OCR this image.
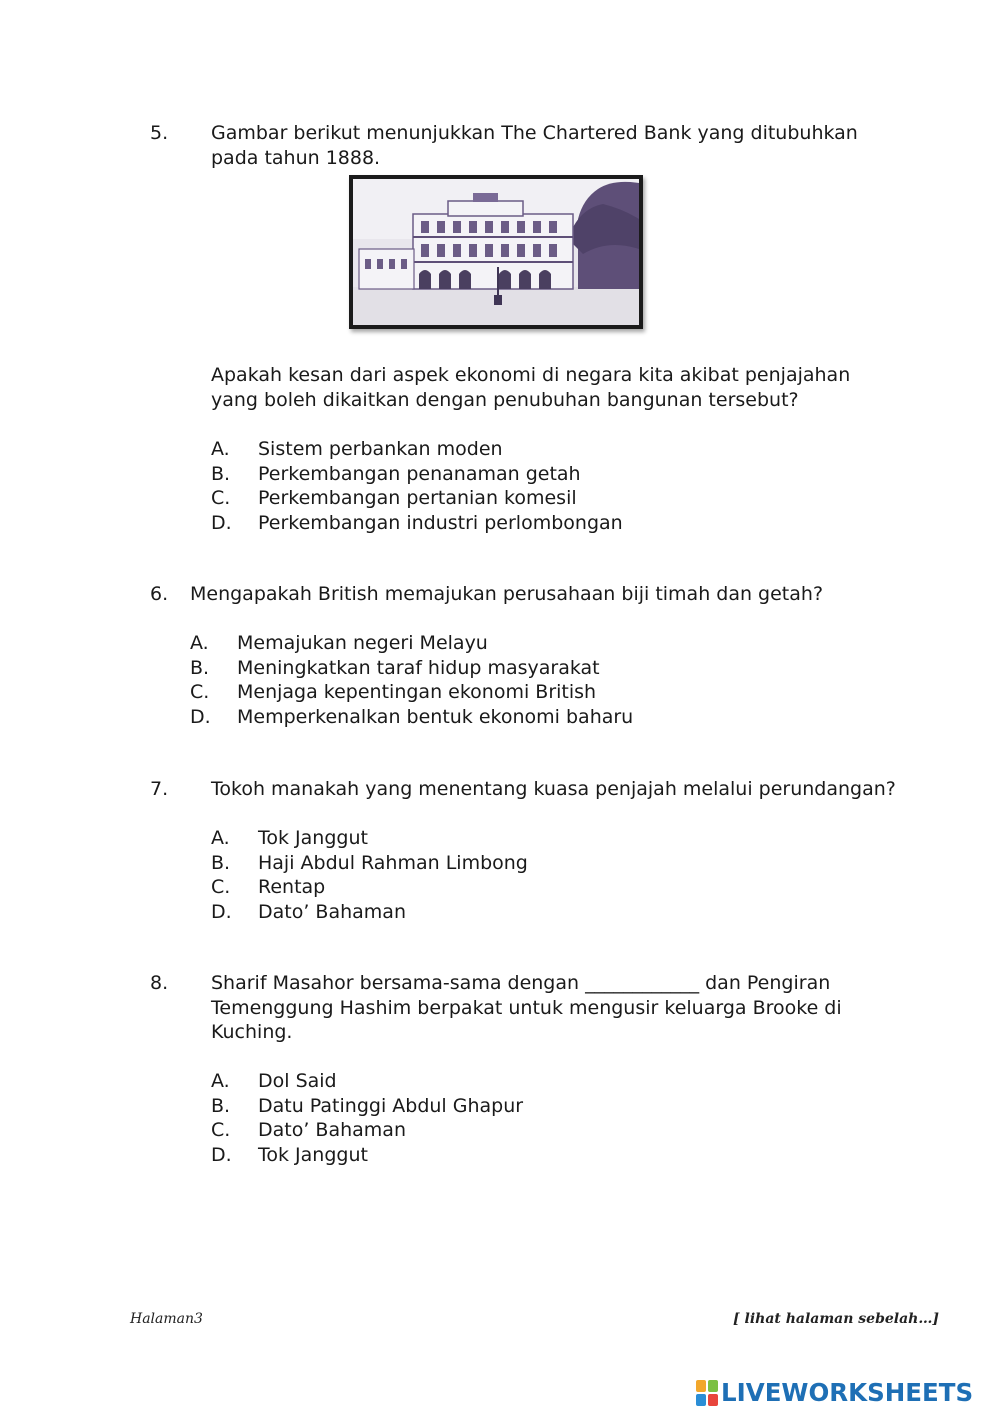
5. Gambar berikut menunjukkan The Chartered Bank yang ditubuhkan pada tahun 1888.
Apakah kesan dari aspek ekonomi di negara kita akibat penjajahan yang boleh dikaitkan dengan penubuhan bangunan tersebut?
A. Sistem perbankan moden
B. Perkembangan penanaman getah
C. Perkembangan pertanian komesil
D. Perkembangan industri perlombongan
6. Mengapakah British memajukan perusahaan biji timah dan getah?
A. Memajukan negeri Melayu
B. Meningkatkan taraf hidup masyarakat
C. Menjaga kepentingan ekonomi British
D. Memperkenalkan bentuk ekonomi baharu
7. Tokoh manakah yang menentang kuasa penjajah melalui perundangan?
A. Tok Janggut
B. Haji Abdul Rahman Limbong
C. Rentap
D. Dato’ Bahaman
8. Sharif Masahor bersama-sama dengan ____________ dan Pengiran Temenggung Hashim berpakat untuk mengusir keluarga Brooke di Kuching.
A. Dol Said
B. Datu Patinggi Abdul Ghapur
C. Dato’ Bahaman
D. Tok Janggut
Halaman3	[ lihat halaman sebelah…]
LIVEWORKSHEETS
